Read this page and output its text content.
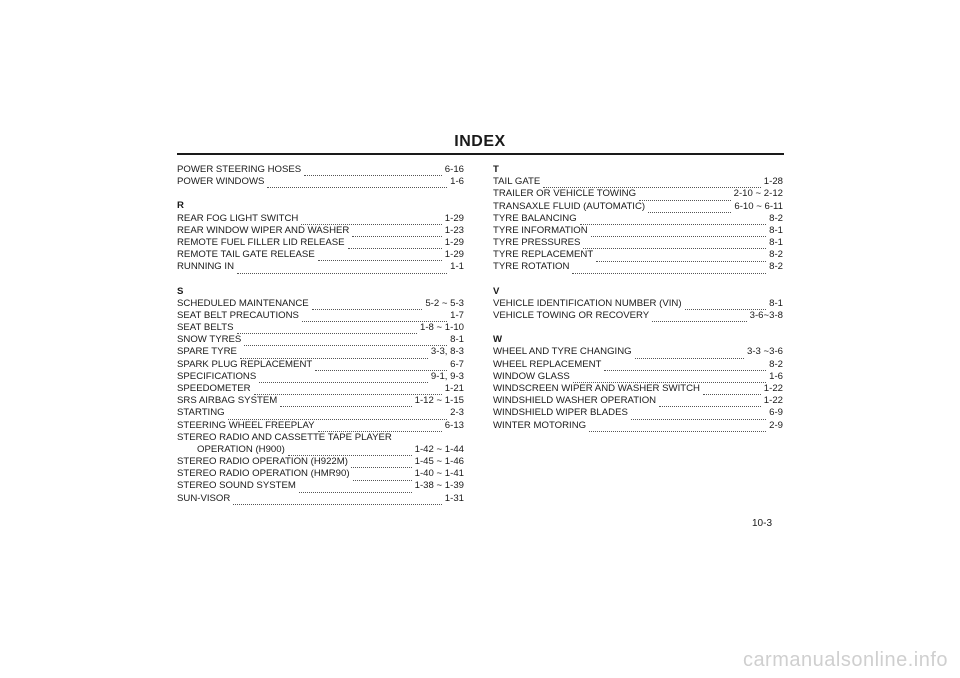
INDEX
POWER STEERING HOSES	6-16
POWER WINDOWS	1-6
R
REAR FOG LIGHT SWITCH	1-29
REAR WINDOW WIPER AND WASHER	1-23
REMOTE FUEL FILLER LID RELEASE	1-29
REMOTE TAIL GATE RELEASE	1-29
RUNNING IN	1-1
S
SCHEDULED MAINTENANCE	5-2 ~ 5-3
SEAT BELT PRECAUTIONS	1-7
SEAT BELTS	1-8 ~ 1-10
SNOW TYRES	8-1
SPARE TYRE	3-3, 8-3
SPARK PLUG REPLACEMENT	6-7
SPECIFICATIONS	9-1, 9-3
SPEEDOMETER	1-21
SRS AIRBAG SYSTEM	1-12 ~ 1-15
STARTING	2-3
STEERING WHEEL FREEPLAY	6-13
STEREO RADIO AND CASSETTE TAPE PLAYER
OPERATION (H900)	1-42 ~ 1-44
STEREO RADIO OPERATION (H922M)	1-45 ~ 1-46
STEREO RADIO OPERATION (HMR90)	1-40 ~ 1-41
STEREO SOUND SYSTEM	1-38 ~ 1-39
SUN-VISOR	1-31
T
TAIL GATE	1-28
TRAILER OR VEHICLE TOWING	2-10 ~ 2-12
TRANSAXLE FLUID (AUTOMATIC)	6-10 ~ 6-11
TYRE BALANCING	8-2
TYRE INFORMATION	8-1
TYRE PRESSURES	8-1
TYRE REPLACEMENT	8-2
TYRE ROTATION	8-2
V
VEHICLE IDENTIFICATION NUMBER (VIN)	8-1
VEHICLE TOWING OR RECOVERY	3-6~3-8
W
WHEEL AND TYRE CHANGING	3-3 ~3-6
WHEEL REPLACEMENT	8-2
WINDOW GLASS	1-6
WINDSCREEN WIPER AND WASHER SWITCH	1-22
WINDSHIELD WASHER OPERATION	1-22
WINDSHIELD WIPER BLADES	6-9
WINTER MOTORING	2-9
10-3
carmanualsonline.info
